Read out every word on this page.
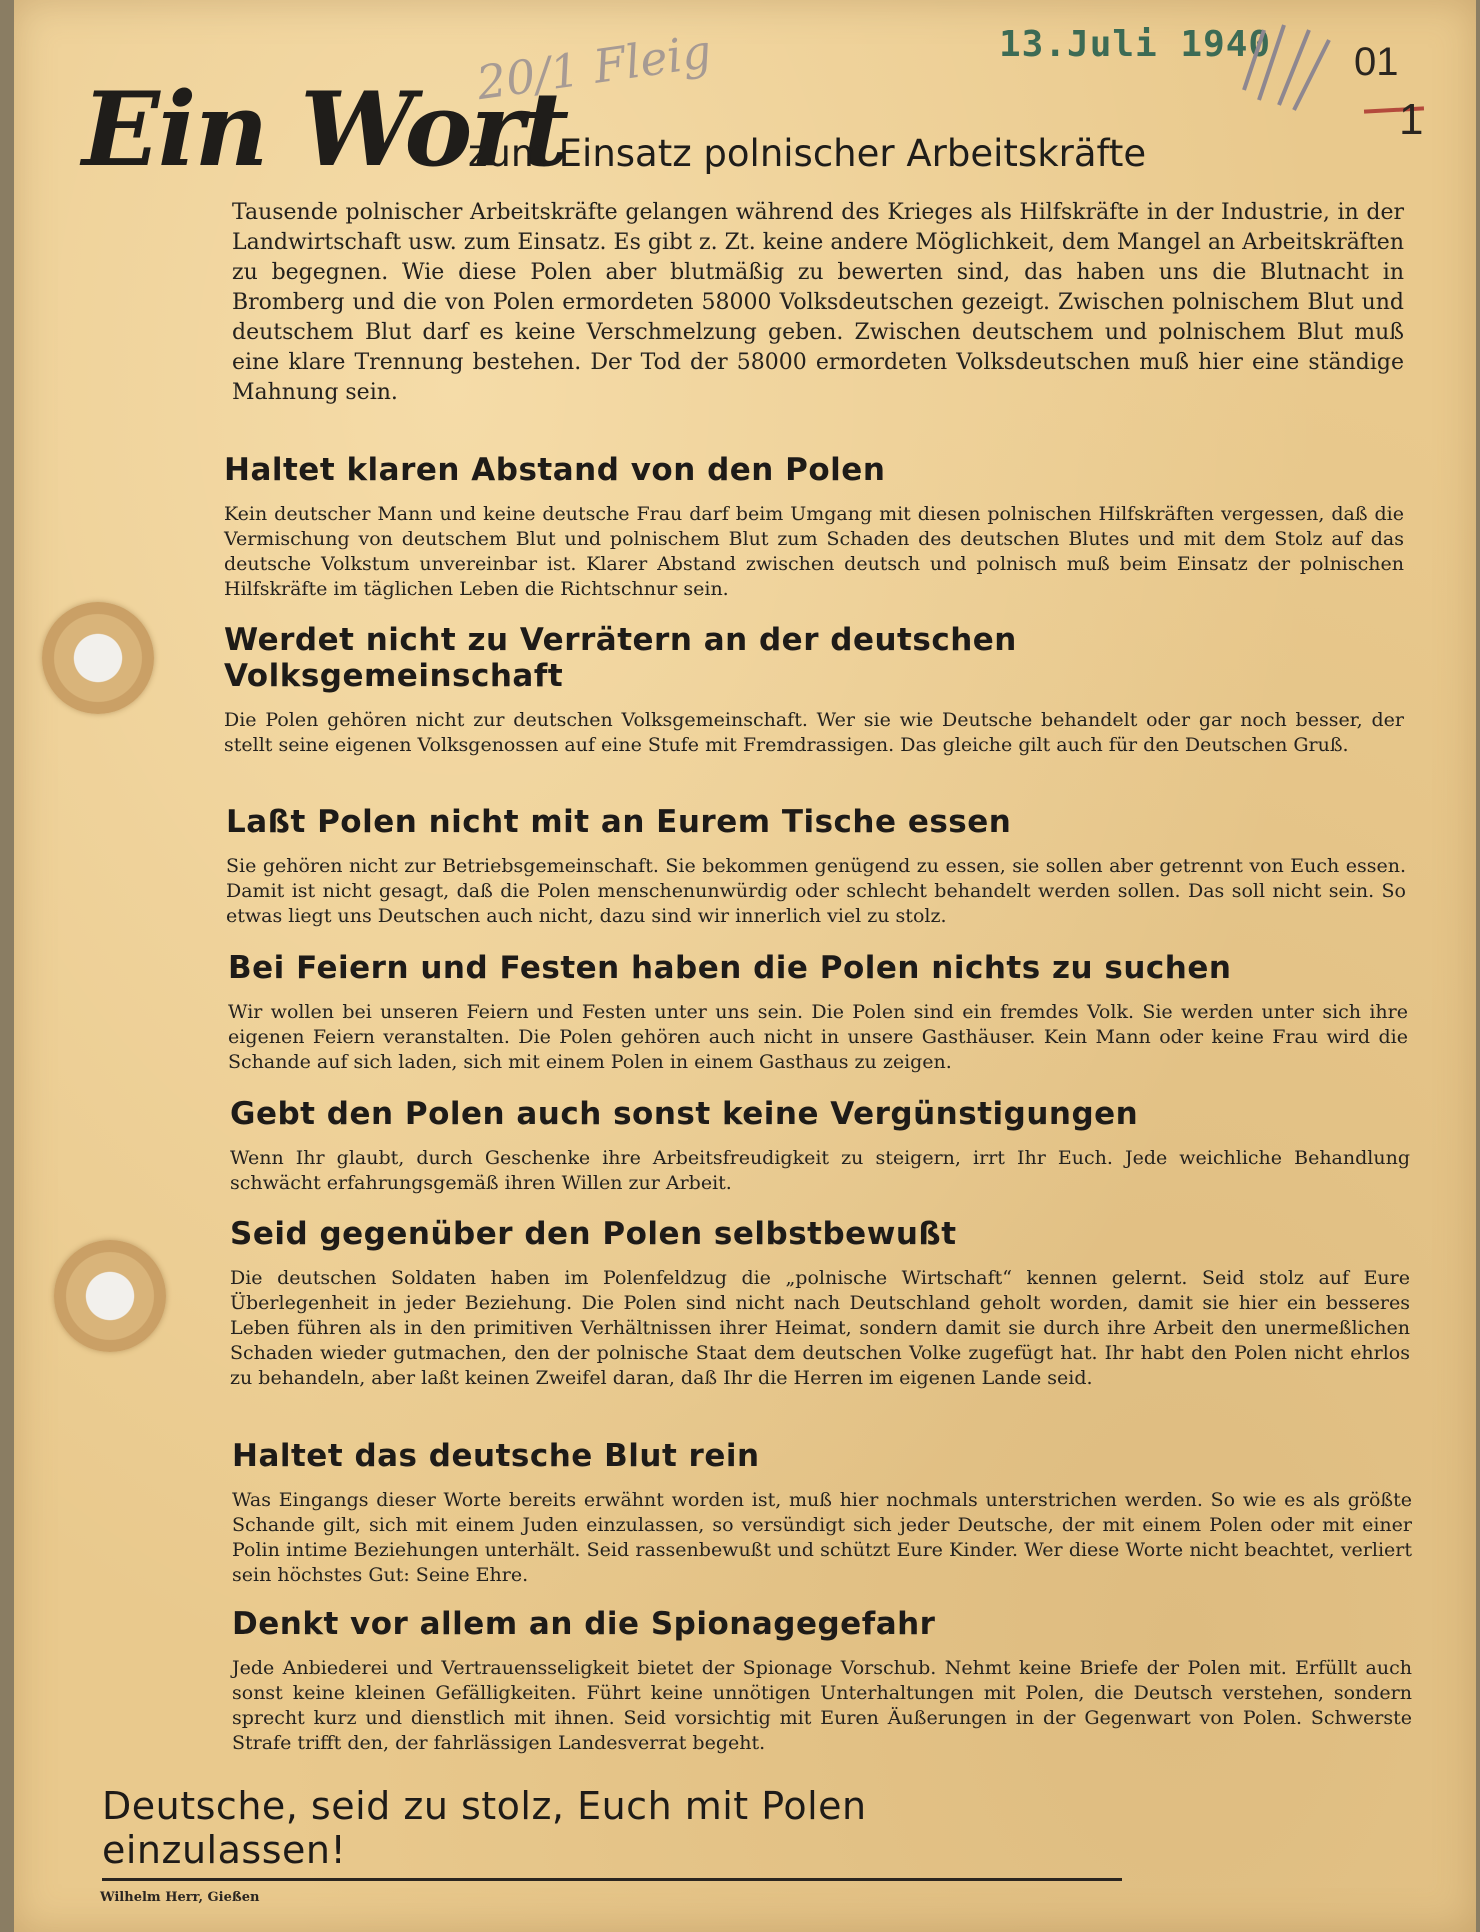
20/1 Fleig	13.Juli 1940 01
1
Ein Wort
zum Einsatz polnischer Arbeitskräfte
Tausende polnischer Arbeitskräfte gelangen während des Krieges als Hilfskräfte in der Industrie, in der Landwirtschaft usw. zum Einsatz. Es gibt z. Zt. keine andere Möglichkeit, dem Mangel an Arbeitskräften zu begegnen. Wie diese Polen aber blutmäßig zu bewerten sind, das haben uns die Blutnacht in Bromberg und die von Polen ermordeten 58000 Volksdeutschen gezeigt. Zwischen polnischem Blut und deutschem Blut darf es keine Verschmelzung geben. Zwischen deutschem und polnischem Blut muß eine klare Trennung bestehen. Der Tod der 58000 ermordeten Volksdeutschen muß hier eine ständige Mahnung sein.
Haltet klaren Abstand von den Polen

Kein deutscher Mann und keine deutsche Frau darf beim Umgang mit diesen polnischen Hilfskräften vergessen, daß die Vermischung von deutschem Blut und polnischem Blut zum Schaden des deutschen Blutes und mit dem Stolz auf das deutsche Volkstum unvereinbar ist. Klarer Abstand zwischen deutsch und polnisch muß beim Einsatz der polnischen Hilfskräfte im täglichen Leben die Richtschnur sein.

Werdet nicht zu Verrätern an der deutschen Volksgemeinschaft

Die Polen gehören nicht zur deutschen Volksgemeinschaft. Wer sie wie Deutsche behandelt oder gar noch besser, der stellt seine eigenen Volksgenossen auf eine Stufe mit Fremdrassigen. Das gleiche gilt auch für den Deutschen Gruß.

Laßt Polen nicht mit an Eurem Tische essen

Sie gehören nicht zur Betriebsgemeinschaft. Sie bekommen genügend zu essen, sie sollen aber getrennt von Euch essen. Damit ist nicht gesagt, daß die Polen menschenunwürdig oder schlecht behandelt werden sollen. Das soll nicht sein. So etwas liegt uns Deutschen auch nicht, dazu sind wir innerlich viel zu stolz.

Bei Feiern und Festen haben die Polen nichts zu suchen

Wir wollen bei unseren Feiern und Festen unter uns sein. Die Polen sind ein fremdes Volk. Sie werden unter sich ihre eigenen Feiern veranstalten. Die Polen gehören auch nicht in unsere Gasthäuser. Kein Mann oder keine Frau wird die Schande auf sich laden, sich mit einem Polen in einem Gasthaus zu zeigen.

Gebt den Polen auch sonst keine Vergünstigungen

Wenn Ihr glaubt, durch Geschenke ihre Arbeitsfreudigkeit zu steigern, irrt Ihr Euch. Jede weichliche Behandlung schwächt erfahrungsgemäß ihren Willen zur Arbeit.

Seid gegenüber den Polen selbstbewußt

Die deutschen Soldaten haben im Polenfeldzug die „polnische Wirtschaft“ kennen gelernt. Seid stolz auf Eure Überlegenheit in jeder Beziehung. Die Polen sind nicht nach Deutschland geholt worden, damit sie hier ein besseres Leben führen als in den primitiven Verhältnissen ihrer Heimat, sondern damit sie durch ihre Arbeit den unermeßlichen Schaden wieder gutmachen, den der polnische Staat dem deutschen Volke zugefügt hat. Ihr habt den Polen nicht ehrlos zu behandeln, aber laßt keinen Zweifel daran, daß Ihr die Herren im eigenen Lande seid.

Haltet das deutsche Blut rein

Was Eingangs dieser Worte bereits erwähnt worden ist, muß hier nochmals unterstrichen werden. So wie es als größte Schande gilt, sich mit einem Juden einzulassen, so versündigt sich jeder Deutsche, der mit einem Polen oder mit einer Polin intime Beziehungen unterhält. Seid rassenbewußt und schützt Eure Kinder. Wer diese Worte nicht beachtet, verliert sein höchstes Gut: Seine Ehre.

Denkt vor allem an die Spionagegefahr

Jede Anbiederei und Vertrauensseligkeit bietet der Spionage Vorschub. Nehmt keine Briefe der Polen mit. Erfüllt auch sonst keine kleinen Gefälligkeiten. Führt keine unnötigen Unterhaltungen mit Polen, die Deutsch verstehen, sondern sprecht kurz und dienstlich mit ihnen. Seid vorsichtig mit Euren Äußerungen in der Gegenwart von Polen. Schwerste Strafe trifft den, der fahrlässigen Landesverrat begeht.

Deutsche, seid zu stolz, Euch mit Polen einzulassen!
Wilhelm Herr, Gießen
